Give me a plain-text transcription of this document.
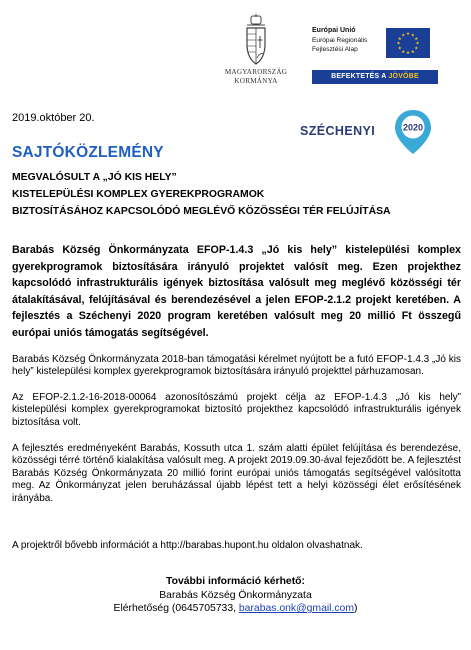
MAGYARORSZÁG
KORMÁNYA
Európai Unió
Európai Regionális
Fejlesztési Alap
★ ★
★
★
★
★
★
★
★
★
★
★
BEFEKTETÉS A JÖVŐBE
2019.október 20.
SZÉCHENYI	2020
SAJTÓKÖZLEMÉNY
MEGVALÓSULT A „JÓ KIS HELY”
KISTELEPÜLÉSI KOMPLEX GYEREKPROGRAMOK
BIZTOSÍTÁSÁHOZ KAPCSOLÓDÓ MEGLÉVŐ KÖZÖSSÉGI TÉR FELÚJÍTÁSA
Barabás Község Önkormányzata EFOP-1.4.3 „Jó kis hely” kistelepülési komplex gyerekprogramok biztosítására irányuló projektet valósít meg. Ezen projekthez kapcsolódó infrastrukturális igények biztosítása valósult meg meglévő közösségi tér átalakításával, felújításával és berendezésével a jelen EFOP-2.1.2 projekt keretében. A fejlesztés a Széchenyi 2020 program keretében valósult meg 20 millió Ft összegű európai uniós támogatás segítségével.
Barabás Község Önkormányzata 2018-ban támogatási kérelmet nyújtott be a futó EFOP-1.4.3 „Jó kis hely” kistelepülési komplex gyerekprogramok biztosítására irányuló projekttel párhuzamosan.
Az EFOP-2.1.2-16-2018-00064 azonosítószámú projekt célja az EFOP-1.4.3 „Jó kis hely” kistelepülési komplex gyerekprogramokat biztosító projekthez kapcsolódó infrastrukturális igények biztosítása volt.
A fejlesztés eredményeként Barabás, Kossuth utca 1. szám alatti épület felújítása és berendezése, közösségi térré történő kialakítása valósult meg. A projekt 2019.09.30-ával fejeződött be. A fejlesztést Barabás Község Önkormányzata 20 millió forint európai uniós támogatás segítségével valósította meg. Az Önkormányzat jelen beruházással újabb lépést tett a helyi közösségi élet erősítésének irányába.
A projektről bővebb információt a http://barabas.hupont.hu oldalon olvashatnak.
További információ kérhető:
Barabás Község Önkormányzata
Elérhetőség (0645705733, barabas.onk@gmail.com)
